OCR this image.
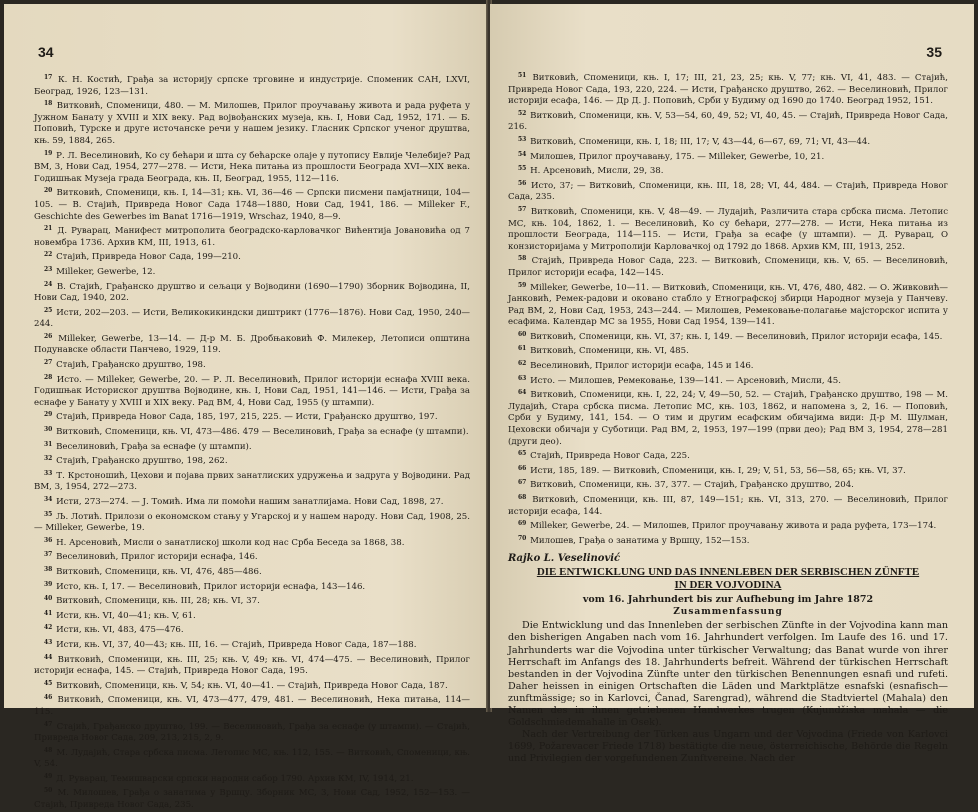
34

$^{17}$ К. Н. Костић, Грађа за историју српске трговине и индустрије. Споменик САН, LXVI, Београд, 1926, 123—131.

$^{18}$ Витковић, Споменици, 480. — М. Милошев, Прилог проучавању живота и рада руфета у Јужном Банату у XVIII и XIX веку. Рад војвођанских музеја, књ. I, Нови Сад, 1952, 171. — Б. Поповић, Турске и друге источанске речи у нашем језику. Гласник Српског ученог друштва, књ. 59, 1884, 265.

$^{19}$ Р. Л. Веселиновић, Ко су бећари и шта су бећарске олаје у путопису Евлије Челебије? Рад ВМ, 3, Нови Сад, 1954, 277—278. — Исти, Нека питања из прошлости Београда XVI—XIX века. Годишњак Музеја града Београда, књ. II, Београд, 1955, 112—116.

$^{20}$ Витковић, Споменици, књ. I, 14—31; књ. VI, 36—46 — Српски писмени памјатници, 104—105. — В. Стајић, Привреда Новог Сада 1748—1880, Нови Сад, 1941, 186. — Milleker F., Geschichte des Gewerbes im Banat 1716—1919, Wrschaz, 1940, 8—9.

$^{21}$ Д. Руварац, Манифест митрополита београдско-карловачког Вићентија Јовановића од 7 новембра 1736. Архив КМ, III, 1913, 61.

$^{22}$ Стајић, Привреда Новог Сада, 199—210.

$^{23}$ Milleker, Gewerbe, 12.

$^{24}$ В. Стајић, Грађанско друштво и сељаци у Војводини (1690—1790) Зборник Војводина, II, Нови Сад, 1940, 202.

$^{25}$ Исти, 202—203. — Исти, Великокикиндски диштрикт (1776—1876). Нови Сад, 1950, 240—244.

$^{26}$ Milleker, Gewerbe, 13—14. — Д-р М. Б. Дробњаковић Ф. Милекер, Летописи општина Подунавске области Панчево, 1929, 119.

$^{27}$ Стајић, Грађанско друштво, 198.

$^{28}$ Исто. — Milleker, Gewerbe, 20. — Р. Л. Веселиновић, Прилог историји еснафа XVIII века. Годишњак Историског друштва Војводине, књ. I, Нови Сад, 1951, 141—146. — Исти, Грађа за еснафе у Банату у XVIII и XIX веку. Рад ВМ, 4, Нови Сад, 1955 (у штампи).

$^{29}$ Стајић, Привреда Новог Сада, 185, 197, 215, 225. — Исти, Грађанско друштво, 197.

$^{30}$ Витковић, Споменици, књ. VI, 473—486. 479 — Веселиновић, Грађа за еснафе (у штампи).

$^{31}$ Веселиновић, Грађа за еснафе (у штампи).

$^{32}$ Стајић, Грађанско друштво, 198, 262.

$^{33}$ Т. Крстоношић, Цехови и појава првих занатлиских удружења и задруга у Војводини. Рад ВМ, 3, 1954, 272—273.

$^{34}$ Исти, 273—274. — Ј. Томић. Има ли помоћи нашим занатлијама. Нови Сад, 1898, 27.

$^{35}$ Љ. Лотић. Прилози о економском стању у Угарској и у нашем народу. Нови Сад, 1908, 25. — Milleker, Gewerbe, 19.

$^{36}$ Н. Арсеновић, Мисли о занатлиској школи код нас Срба Беседа за 1868, 38.

$^{37}$ Веселиновић, Прилог историји еснафа, 146.

$^{38}$ Витковић, Споменици, књ. VI, 476, 485—486.

$^{39}$ Исто, књ. I, 17. — Веселиновић, Прилог историји еснафа, 143—146.

$^{40}$ Витковић, Споменици, књ. III, 28; књ. VI, 37.

$^{41}$ Исти, књ. VI, 40—41; књ. V, 61.

$^{42}$ Исти, књ. VI, 483, 475—476.

$^{43}$ Исти, књ. VI, 37, 40—43; књ. III, 16. — Стајић, Привреда Новог Сада, 187—188.

$^{44}$ Витковић, Споменици, књ. III, 25; књ. V, 49; књ. VI, 474—475. — Веселиновић, Прилог историји еснафа, 145. — Стајић, Привреда Новог Сада, 195.

$^{45}$ Витковић, Споменици, књ. V, 54; књ. VI, 40—41. — Стајић, Привреда Новог Сада, 187.

$^{46}$ Витковић, Споменици, књ. VI, 473—477, 479, 481. — Веселиновић, Нека питања, 114—115.

$^{47}$ Стајић, Грађанско друштво, 199. — Веселиновић, Грађа за еснафе (у штампи). — Стајић, Привреда Новог Сада, 209, 213, 215, 2, 9.

$^{48}$ М. Лудајић, Стара србска писма. Летопис МС, књ. 112, 155. — Витковић, Споменици, књ. V, 54.

$^{49}$ Д. Руварац, Темишварски српски народни сабор 1790. Архив КМ, IV, 1914, 21.

$^{50}$ М. Милошев, Грађа о занатима у Вршцу. Зборник МС, 3, Нови Сад, 1952, 152—153. — Стајић, Привреда Новог Сада, 235.

35

$^{51}$ Витковић, Споменици, књ. I, 17; III, 21, 23, 25; књ. V, 77; књ. VI, 41, 483. — Стајић, Привреда Новог Сада, 193, 220, 224. — Исти, Грађанско друштво, 262. — Веселиновић, Прилог историји есафа, 146. — Др Д. Ј. Поповић, Срби у Будиму од 1690 до 1740. Београд 1952, 151.

$^{52}$ Витковић, Споменици, књ. V, 53—54, 60, 49, 52; VI, 40, 45. — Стајић, Привреда Новог Сада, 216.

$^{53}$ Витковић, Споменици, књ. I, 18; III, 17; V, 43—44, 6—67, 69, 71; VI, 43—44.

$^{54}$ Милошев, Прилог проучавању, 175. — Milleker, Gewerbe, 10, 21.

$^{55}$ Н. Арсеновић, Мисли, 29, 38.

$^{56}$ Исто, 37; — Витковић, Споменици, књ. III, 18, 28; VI, 44, 484. — Стајић, Привреда Новог Сада, 235.

$^{57}$ Витковић, Споменици, књ. V, 48—49. — Лудајић, Различита стара србска писма. Летопис МС, књ. 104, 1862, 1. — Веселиновић, Ко су бећари, 277—278. — Исти, Нека питања из прошлости Београда, 114—115. — Исти, Грађа за есафе (у штампи). — Д. Руварац, О конзисторијама у Митрополији Карловачкој од 1792 до 1868. Архив КМ, III, 1913, 252.

$^{58}$ Стајић, Привреда Новог Сада, 223. — Витковић, Споменици, књ. V, 65. — Веселиновић, Прилог историји есафа, 142—145.

$^{59}$ Milleker, Gewerbe, 10—11. — Витковић, Споменици, књ. VI, 476, 480, 482. — О. Живковић—Јанковић, Ремек-радови и оковано стабло у Етнографској збирци Народног музеја у Панчеву. Рад ВМ, 2, Нови Сад, 1953, 243—244. — Милошев, Ремековање-полагање мајсторског испита у есафима. Календар МС за 1955, Нови Сад 1954, 139—141.

$^{60}$ Витковић, Споменици, књ. VI, 37; књ. I, 149. — Веселиновић, Прилог историји есафа, 145.

$^{61}$ Витковић, Споменици, књ. VI, 485.

$^{62}$ Веселиновић, Прилог историји есафа, 145 и 146.

$^{63}$ Исто. — Милошев, Ремековање, 139—141. — Арсеновић, Мисли, 45.

$^{64}$ Витковић, Споменици, књ. I, 22, 24; V, 49—50, 52. — Стајић, Грађанско друштво, 198 — М. Лудајић, Стара србска писма. Летопис МС, књ. 103, 1862, и напомена з, 2, 16. — Поповић, Срби у Будиму, 141, 154. — О тим и другим есафским обичајима види: Д-р М. Шулман, Цеховски обичаји у Суботици. Рад ВМ, 2, 1953, 197—199 (први део); Рад ВМ 3, 1954, 278—281 (други део).

$^{65}$ Стајић, Привреда Новог Сада, 225.

$^{66}$ Исти, 185, 189. — Витковић, Споменици, књ. I, 29; V, 51, 53, 56—58, 65; књ. VI, 37.

$^{67}$ Витковић, Споменици, књ. 37, 377. — Стајић, Грађанско друштво, 204.

$^{68}$ Витковић, Споменици, књ. III, 87, 149—151; књ. VI, 313, 270. — Веселиновић, Прилог историји есафа, 144.

$^{69}$ Milleker, Gewerbe, 24. — Милошев, Прилог проучавању живота и рада руфета, 173—174.

$^{70}$ Милошев, Грађа о занатима у Вршцу, 152—153.

Rajko L. Veselinović
DIE ENTWICKLUNG UND DAS INNENLEBEN DER SERBISCHEN ZÜNFTE
IN DER VOJVODINA
vom 16. Jahrhundert bis zur Aufhebung im Jahre 1872
Zusammenfassung

Die Entwicklung und das Innenleben der serbischen Zünfte in der Vojvodina kann man den bisherigen Angaben nach vom 16. Jahrhundert verfolgen. Im Laufe des 16. und 17. Jahrhunderts war die Vojvodina unter türkischer Verwaltung; das Banat wurde von ihrer Herrschaft im Anfangs des 18. Jahrhunderts befreit. Während der türkischen Herrschaft bestanden in der Vojvodina Zünfte unter den türkischen Benennungen esnafi und rufeti. Daher heissen in einigen Ortschaften die Läden und Marktplätze esnafski (esnafisch—zunftmässige; so in Karlovci, Čanad, Sarengrad), während die Stadtviertel (Mahala) den Namen des in ihnen getriebenen Handwerkes trugen (Kujundžiska mahala — die Goldschmiedemahalle in Osek).

Nach der Vertreibung der Türken aus Ungarn und der Vojvodina (Friede von Karlovci 1699, Požarevacer Friede 1718) bestätigte die neue, österreichische, Behörde die Regeln und Privilegien der vorgefundenen Zunftvereine. Nach der
